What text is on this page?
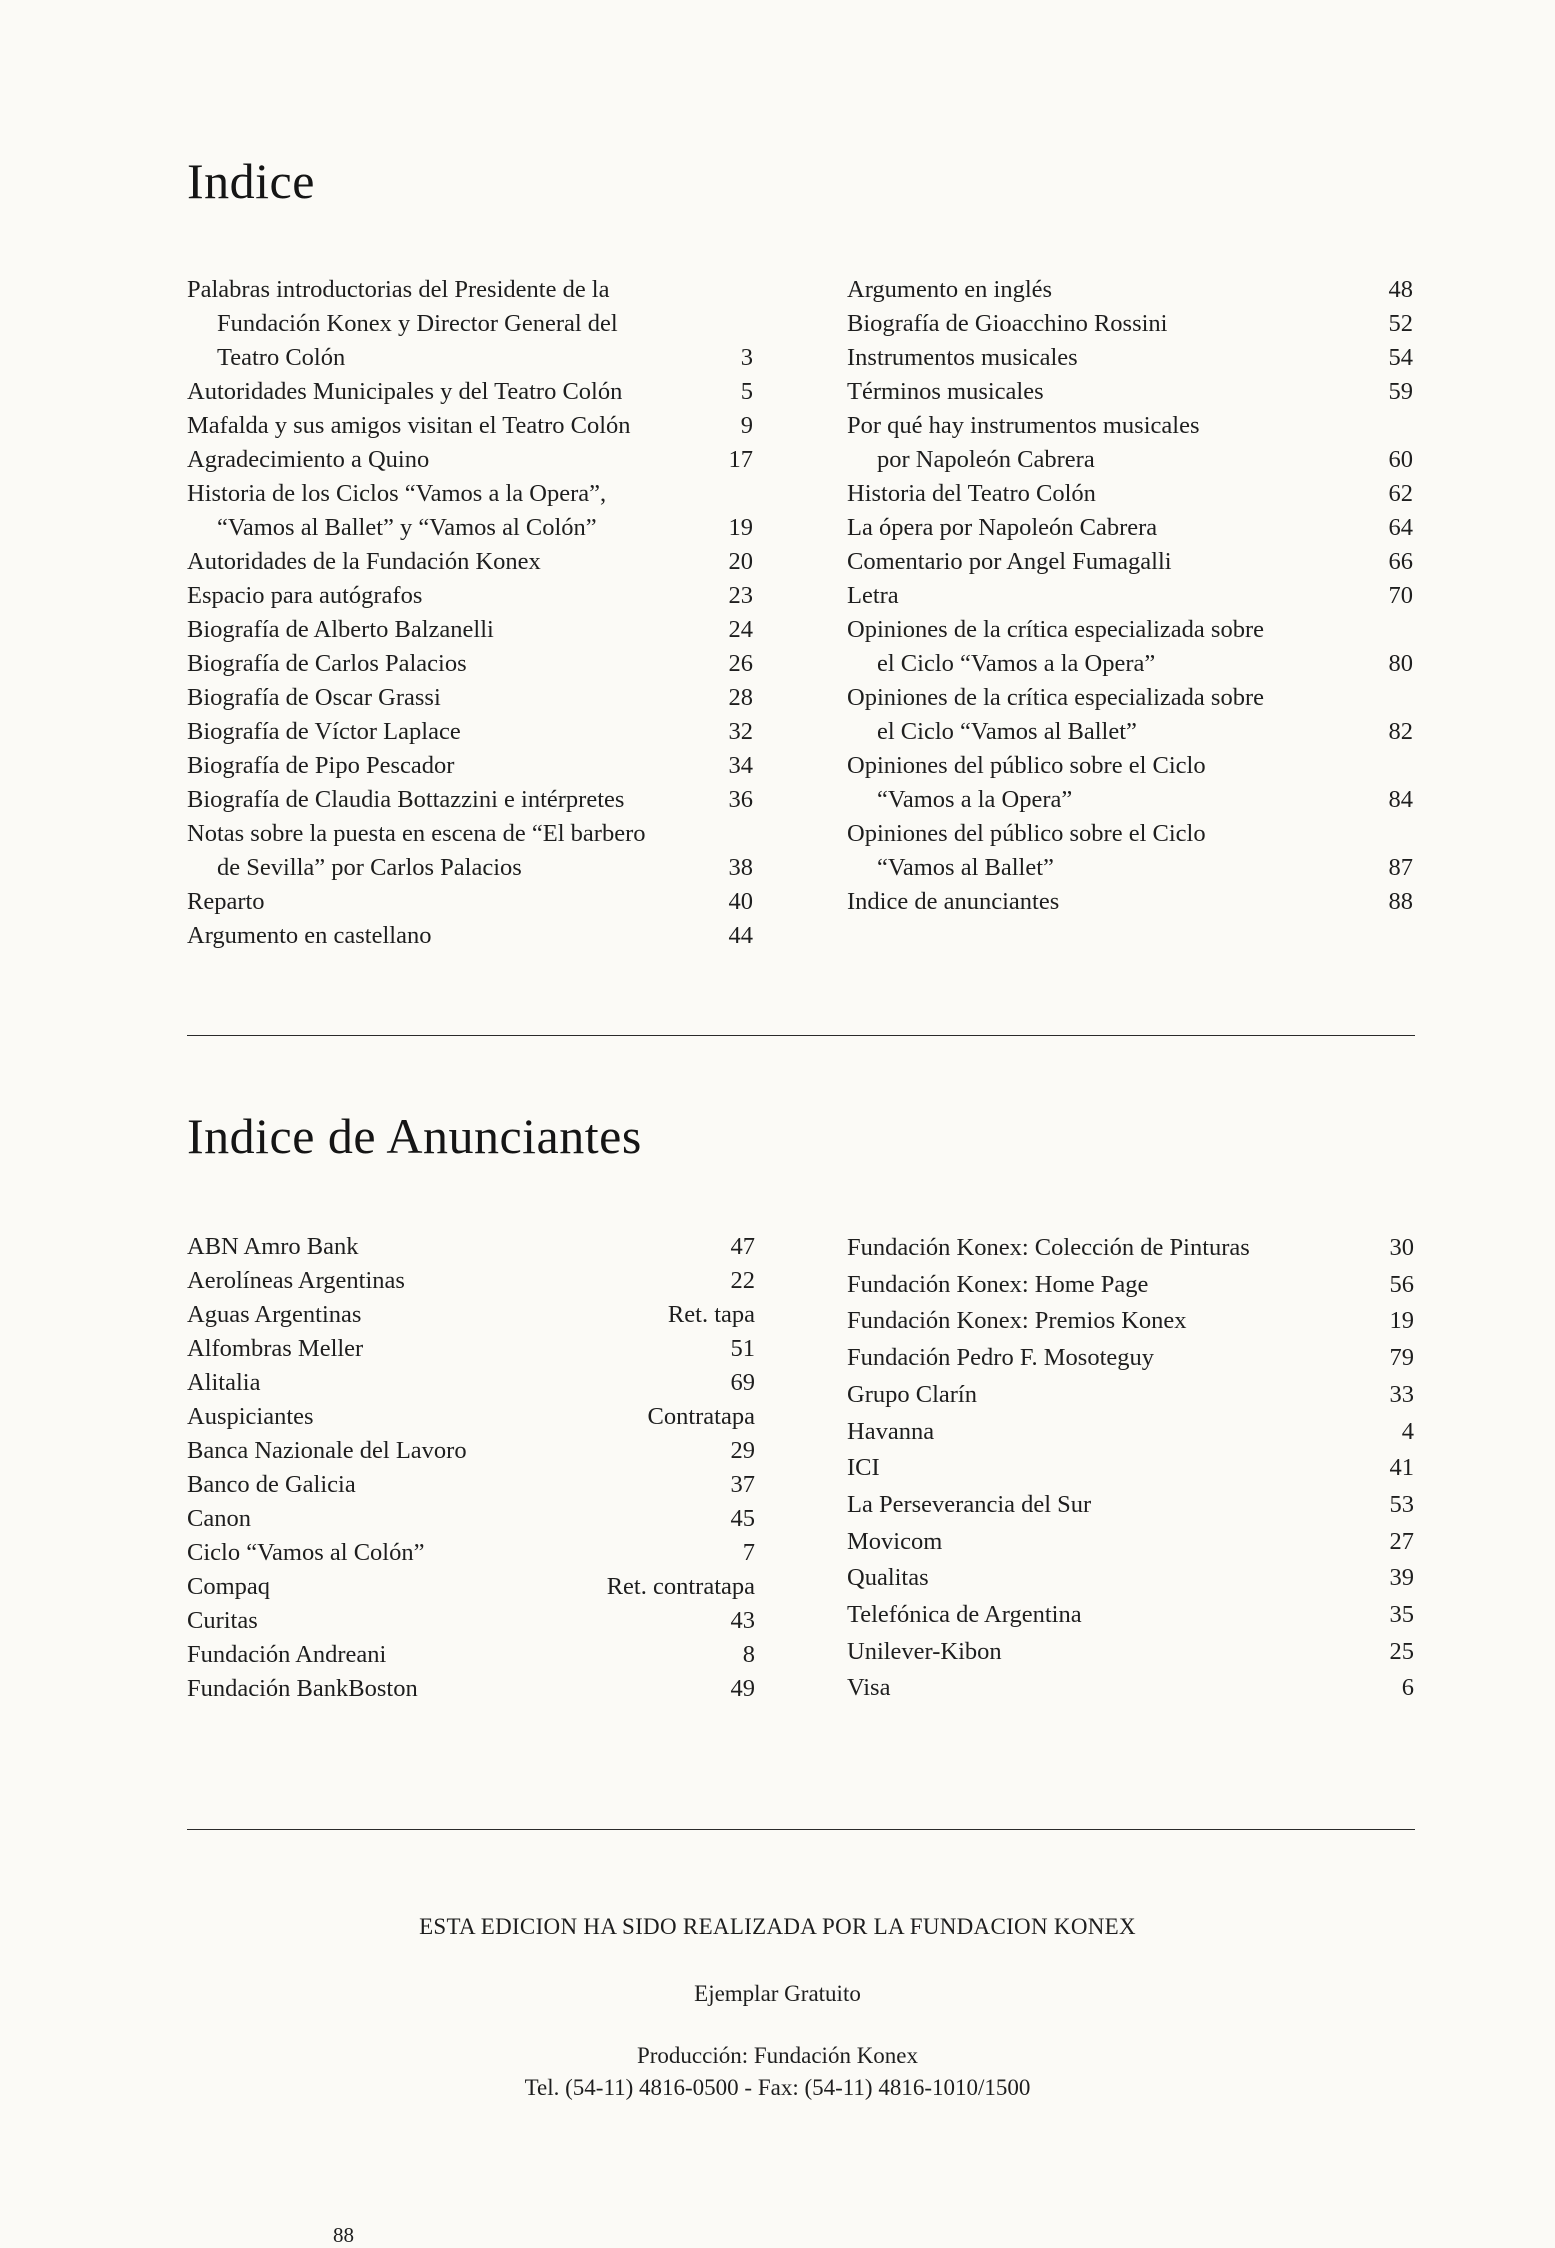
Indice
Palabras introductorias del Presidente de la
Fundación Konex y Director General del
Teatro Colón	3
Autoridades Municipales y del Teatro Colón	5
Mafalda y sus amigos visitan el Teatro Colón	9
Agradecimiento a Quino	17
Historia de los Ciclos “Vamos a la Opera”,
“Vamos al Ballet” y “Vamos al Colón”	19
Autoridades de la Fundación Konex	20
Espacio para autógrafos	23
Biografía de Alberto Balzanelli	24
Biografía de Carlos Palacios	26
Biografía de Oscar Grassi	28
Biografía de Víctor Laplace	32
Biografía de Pipo Pescador	34
Biografía de Claudia Bottazzini e intérpretes	36
Notas sobre la puesta en escena de “El barbero
de Sevilla” por Carlos Palacios	38
Reparto	40
Argumento en castellano	44
Argumento en inglés	48
Biografía de Gioacchino Rossini	52
Instrumentos musicales	54
Términos musicales	59
Por qué hay instrumentos musicales
por Napoleón Cabrera	60
Historia del Teatro Colón	62
La ópera por Napoleón Cabrera	64
Comentario por Angel Fumagalli	66
Letra	70
Opiniones de la crítica especializada sobre
el Ciclo “Vamos a la Opera”	80
Opiniones de la crítica especializada sobre
el Ciclo “Vamos al Ballet”	82
Opiniones del público sobre el Ciclo
“Vamos a la Opera”	84
Opiniones del público sobre el Ciclo
“Vamos al Ballet”	87
Indice de anunciantes	88
Indice de Anunciantes
ABN Amro Bank	47
Aerolíneas Argentinas	22
Aguas Argentinas	Ret. tapa
Alfombras Meller	51
Alitalia	69
Auspiciantes	Contratapa
Banca Nazionale del Lavoro	29
Banco de Galicia	37
Canon	45
Ciclo “Vamos al Colón”	7
Compaq	Ret. contratapa
Curitas	43
Fundación Andreani	8
Fundación BankBoston	49
Fundación Konex: Colección de Pinturas	30
Fundación Konex: Home Page	56
Fundación Konex: Premios Konex	19
Fundación Pedro F. Mosoteguy	79
Grupo Clarín	33
Havanna	4
ICI	41
La Perseverancia del Sur	53
Movicom	27
Qualitas	39
Telefónica de Argentina	35
Unilever-Kibon	25
Visa	6
ESTA EDICION HA SIDO REALIZADA POR LA FUNDACION KONEX
Ejemplar Gratuito
Producción: Fundación Konex
Tel. (54-11) 4816-0500 - Fax: (54-11) 4816-1010/1500
88
